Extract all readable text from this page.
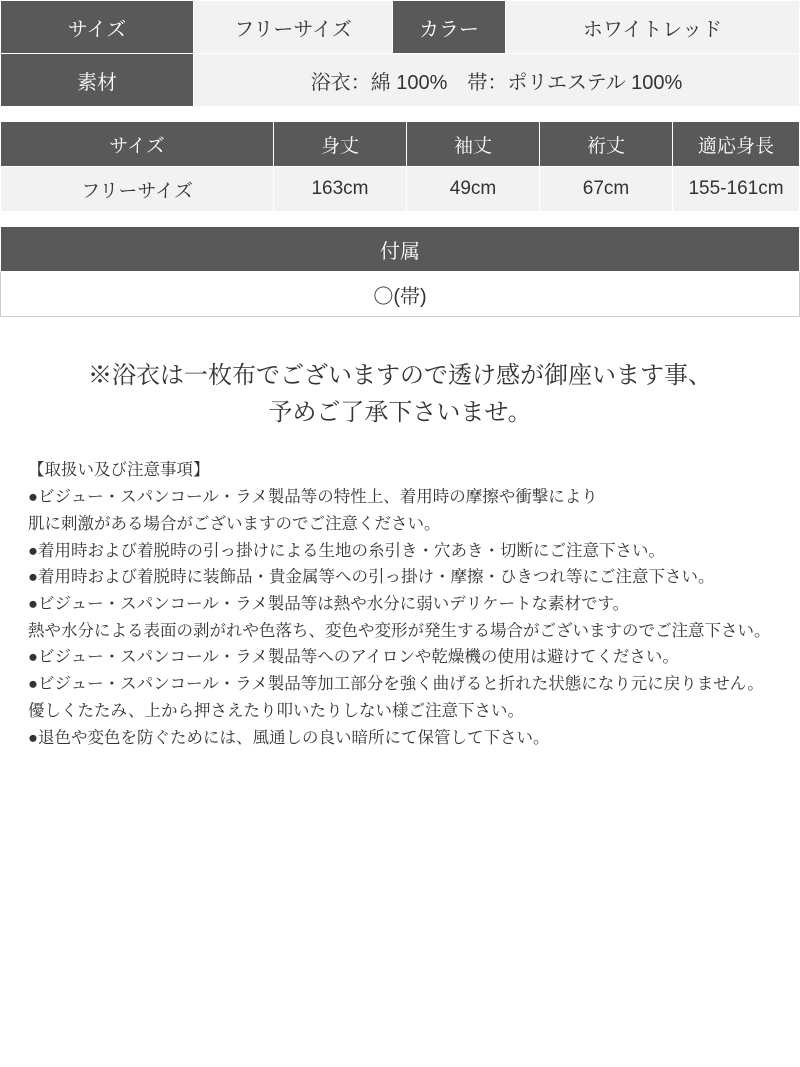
サイズ	フリーサイズ	カラー	ホワイトレッド
素材	浴衣：綿 100%　帯：ポリエステル 100%		
サイズ	身丈	袖丈	裄丈	適応身長
フリーサイズ	163cm	49cm	67cm	155-161cm
付属
〇(帯)
※浴衣は一枚布でございますので透け感が御座います事、
予めご了承下さいませ。

【取扱い及び注意事項】

●ビジュー・スパンコール・ラメ製品等の特性上、着用時の摩擦や衝撃により

肌に刺激がある場合がございますのでご注意ください。

●着用時および着脱時の引っ掛けによる生地の糸引き・穴あき・切断にご注意下さい。

●着用時および着脱時に装飾品・貴金属等への引っ掛け・摩擦・ひきつれ等にご注意下さい。

●ビジュー・スパンコール・ラメ製品等は熱や水分に弱いデリケートな素材です。

熱や水分による表面の剥がれや色落ち、変色や変形が発生する場合がございますのでご注意下さい。

●ビジュー・スパンコール・ラメ製品等へのアイロンや乾燥機の使用は避けてください。

●ビジュー・スパンコール・ラメ製品等加工部分を強く曲げると折れた状態になり元に戻りません。

優しくたたみ、上から押さえたり叩いたりしない様ご注意下さい。

●退色や変色を防ぐためには、風通しの良い暗所にて保管して下さい。
